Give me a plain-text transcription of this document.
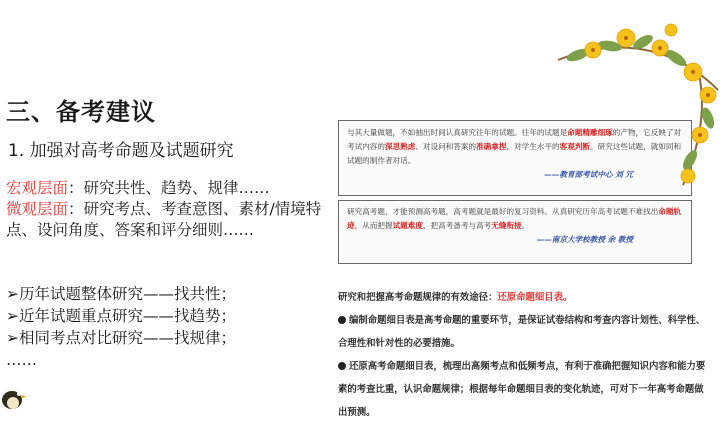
三、备考建议
1. 加强对高考命题及试题研究
宏观层面：研究共性、趋势、规律……
微观层面：研究考点、考查意图、素材/情境特点、设问角度、答案和评分细则……
➢历年试题整体研究——找共性；
➢近年试题重点研究——找趋势；
➢相同考点对比研究——找规律；
……
与其大量做题，不如抽出时间认真研究往年的试题。往年的试题是命题精雕细琢的产物，它反映了对考试内容的深思熟虑、对设问和答案的准确拿捏，对学生水平的客观判断。研究这些试题，就如同和试题的制作者对话。
——教育部考试中心 刘 冗
研究高考题，才能预测高考题，高考题就是最好的复习资料。从真研究历年高考试题不难找出命题轨迹，从而把握试题难度，把高考备考与高考无缝衔接。
——南京大学校教授 余 教授
研究和把握高考命题规律的有效途径：还原命题细目表。
编制命题细目表是高考命题的重要环节，是保证试卷结构和考查内容计划性、科学性、合理性和针对性的必要措施。
还原高考命题细目表，梳理出高频考点和低频考点，有利于准确把握知识内容和能力要素的考查比重，认识命题规律；根据每年命题细目表的变化轨迹，可对下一年高考命题做出预测。
